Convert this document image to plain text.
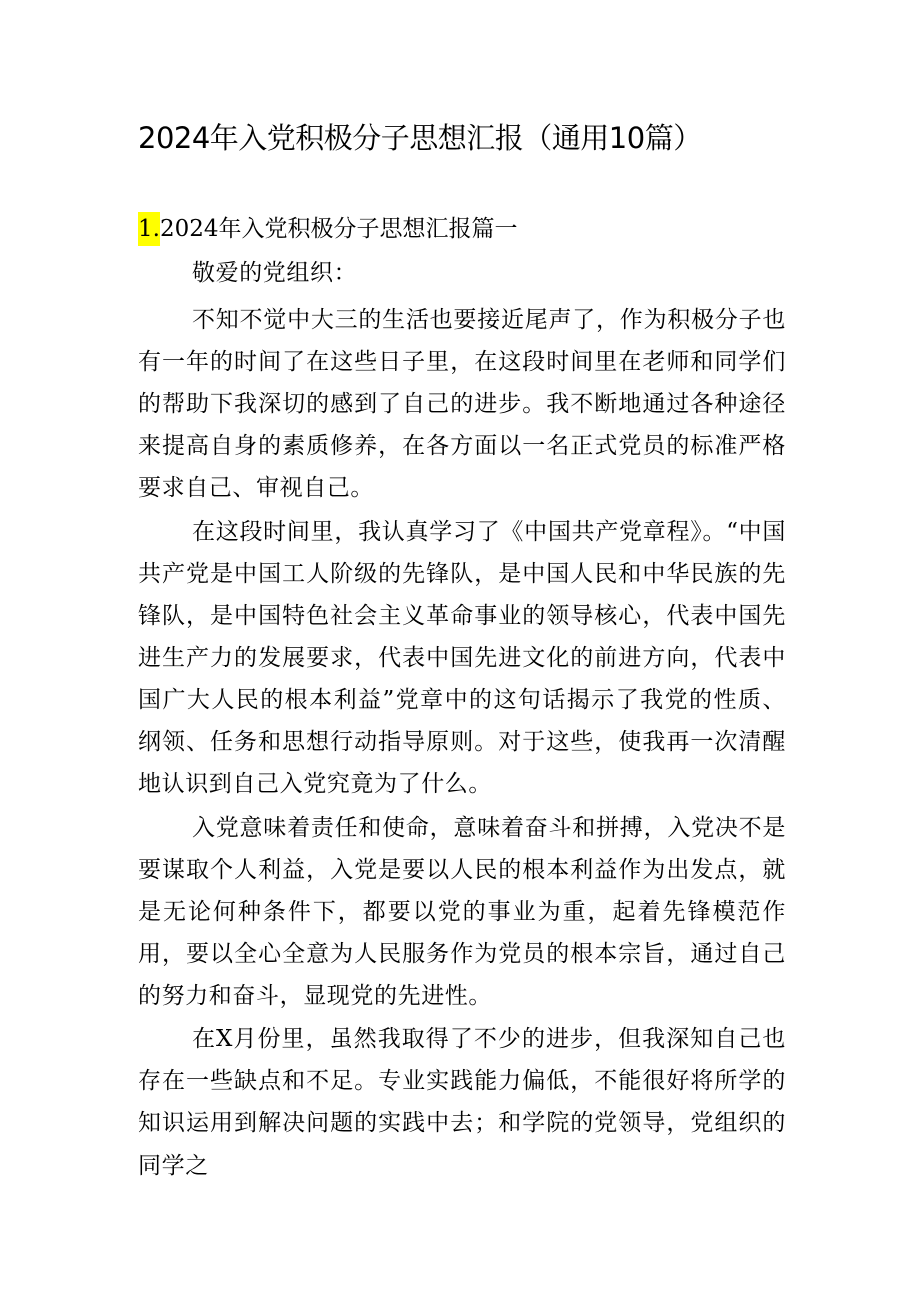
2024年入党积极分子思想汇报（通用10篇）
1.2024年入党积极分子思想汇报篇一

敬爱的党组织：

不知不觉中大三的生活也要接近尾声了，作为积极分子也有一年的时间了在这些日子里，在这段时间里在老师和同学们的帮助下我深切的感到了自己的进步。我不断地通过各种途径来提高自身的素质修养，在各方面以一名正式党员的标准严格要求自己、审视自己。

在这段时间里，我认真学习了《中国共产党章程》。“中国共产党是中国工人阶级的先锋队，是中国人民和中华民族的先锋队，是中国特色社会主义革命事业的领导核心，代表中国先进生产力的发展要求，代表中国先进文化的前进方向，代表中国广大人民的根本利益”党章中的这句话揭示了我党的性质、纲领、任务和思想行动指导原则。对于这些，使我再一次清醒地认识到自己入党究竟为了什么。

入党意味着责任和使命，意味着奋斗和拼搏，入党决不是要谋取个人利益，入党是要以人民的根本利益作为出发点，就是无论何种条件下，都要以党的事业为重，起着先锋模范作用，要以全心全意为人民服务作为党员的根本宗旨，通过自己的努力和奋斗，显现党的先进性。

在X月份里，虽然我取得了不少的进步，但我深知自己也存在一些缺点和不足。专业实践能力偏低，不能很好将所学的知识运用到解决问题的实践中去；和学院的党领导，党组织的同学之
